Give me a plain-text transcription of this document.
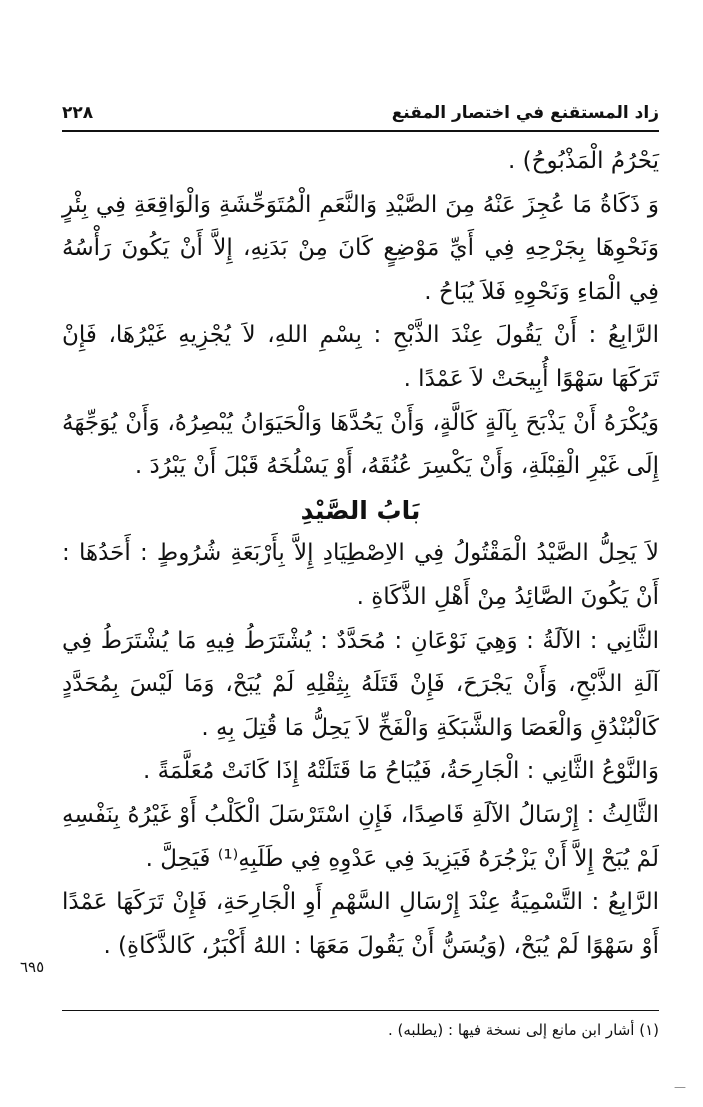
زاد المستقنع في اختصار المقنع
٢٢٨

يَحْرُمُ الْمَذْبُوحُ) .

وَ ذَكَاةُ مَا عُجِزَ عَنْهُ مِنَ الصَّيْدِ وَالنَّعَمِ الْمُتَوَحِّشَةِ وَالْوَاقِعَةِ فِي بِئْرٍ وَنَحْوِهَا بِجَرْحِهِ فِي أَيِّ مَوْضِعٍ كَانَ مِنْ بَدَنِهِ، إِلاَّ أَنْ يَكُونَ رَأْسُهُ فِي الْمَاءِ وَنَحْوِهِ فَلاَ يُبَاحُ .

الرَّابِعُ : أَنْ يَقُولَ عِنْدَ الذَّبْحِ : بِسْمِ اللهِ، لاَ يُجْزِيهِ غَيْرُهَا، فَإِنْ تَرَكَهَا سَهْوًا أُبِيحَتْ لاَ عَمْدًا .

وَيُكْرَهُ أَنْ يَذْبَحَ بِآلَةٍ كَالَّةٍ، وَأَنْ يَحُدَّهَا وَالْحَيَوَانُ يُبْصِرُهُ، وَأَنْ يُوَجِّهَهُ إِلَى غَيْرِ الْقِبْلَةِ، وَأَنْ يَكْسِرَ عُنُقَهُ، أَوْ يَسْلُخَهُ قَبْلَ أَنْ يَبْرُدَ .

بَابُ الصَّيْدِ

لاَ يَحِلُّ الصَّيْدُ الْمَقْتُولُ فِي الاِصْطِيَادِ إِلاَّ بِأَرْبَعَةِ شُرُوطٍ : أَحَدُهَا : أَنْ يَكُونَ الصَّائِدُ مِنْ أَهْلِ الذَّكَاةِ .

الثَّانِي : الآلَةُ : وَهِيَ نَوْعَانِ : مُحَدَّدٌ : يُشْتَرَطُ فِيهِ مَا يُشْتَرَطُ فِي آلَةِ الذَّبْحِ، وَأَنْ يَجْرَحَ، فَإِنْ قَتَلَهُ بِثِقْلِهِ لَمْ يُبَحْ، وَمَا لَيْسَ بِمُحَدَّدٍ كَالْبُنْدُقِ وَالْعَصَا وَالشَّبَكَةِ وَالْفَخِّ لاَ يَحِلُّ مَا قُتِلَ بِهِ .

وَالنَّوْعُ الثَّانِي : الْجَارِحَةُ، فَيُبَاحُ مَا قَتَلَتْهُ إِذَا كَانَتْ مُعَلَّمَةً .

الثَّالِثُ : إِرْسَالُ الآلَةِ قَاصِدًا، فَإِنِ اسْتَرْسَلَ الْكَلْبُ أَوْ غَيْرُهُ بِنَفْسِهِ لَمْ يُبَحْ إِلاَّ أَنْ يَزْجُرَهُ فَيَزِيدَ فِي عَدْوِهِ فِي طَلَبِهِ⁽¹⁾ فَيَحِلَّ .

الرَّابِعُ : التَّسْمِيَةُ عِنْدَ إِرْسَالِ السَّهْمِ أَوِ الْجَارِحَةِ، فَإِنْ تَرَكَهَا عَمْدًا أَوْ سَهْوًا لَمْ يُبَحْ، (وَيُسَنُّ أَنْ يَقُولَ مَعَهَا : اللهُ أَكْبَرُ، كَالذَّكَاةِ) .

٦٩٥
(١) أشار ابن مانع إلى نسخة فيها : (يطلبه) .
—
